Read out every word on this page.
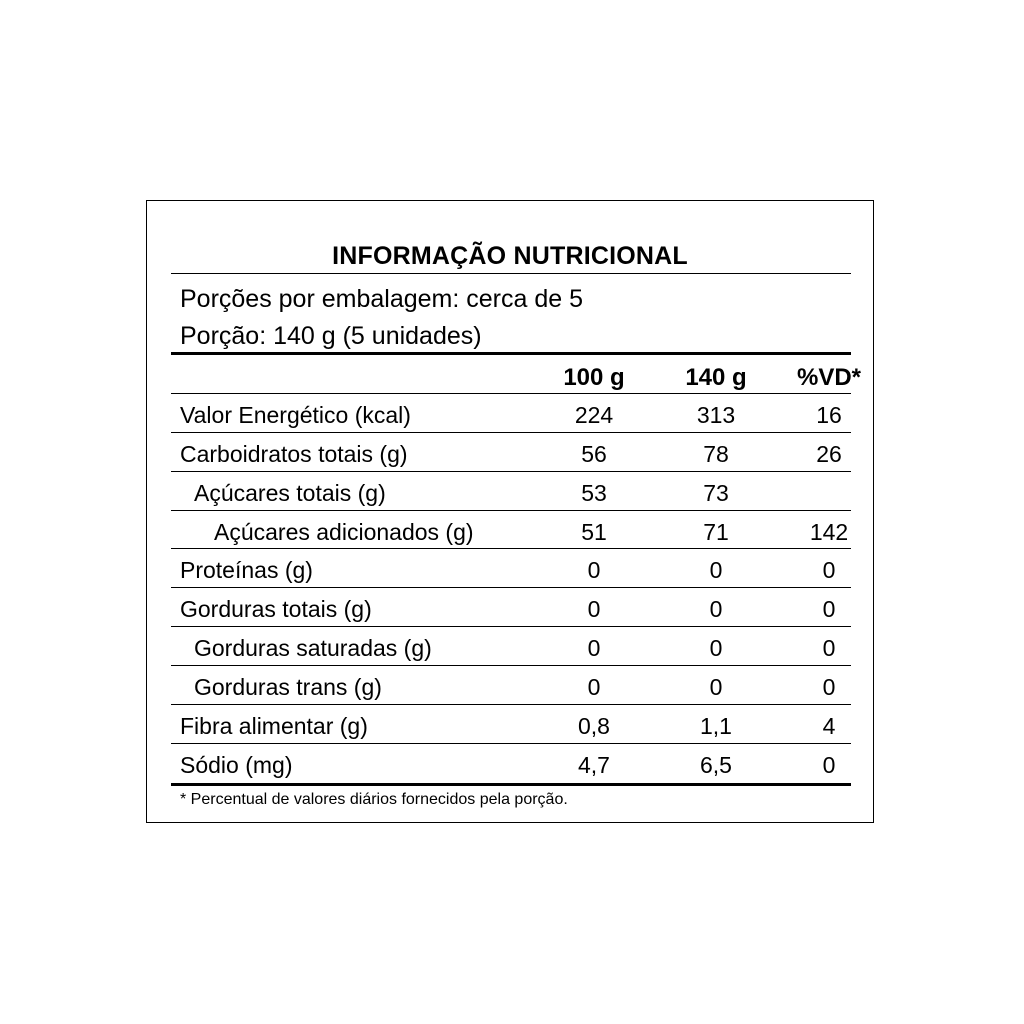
INFORMAÇÃO NUTRICIONAL
Porções por embalagem: cerca de 5
Porção: 140 g (5 unidades)
100 g	140 g	%VD*
Valor Energético (kcal)	224	313	16
Carboidratos totais (g)	56	78	26
Açúcares totais (g)	53	73
Açúcares adicionados (g)	51	71	142
Proteínas (g)	0	0	0
Gorduras totais (g)	0	0	0
Gorduras saturadas (g)	0	0	0
Gorduras trans (g)	0	0	0
Fibra alimentar (g)	0,8	1,1	4
Sódio (mg)	4,7	6,5	0
* Percentual de valores diários fornecidos pela porção.
